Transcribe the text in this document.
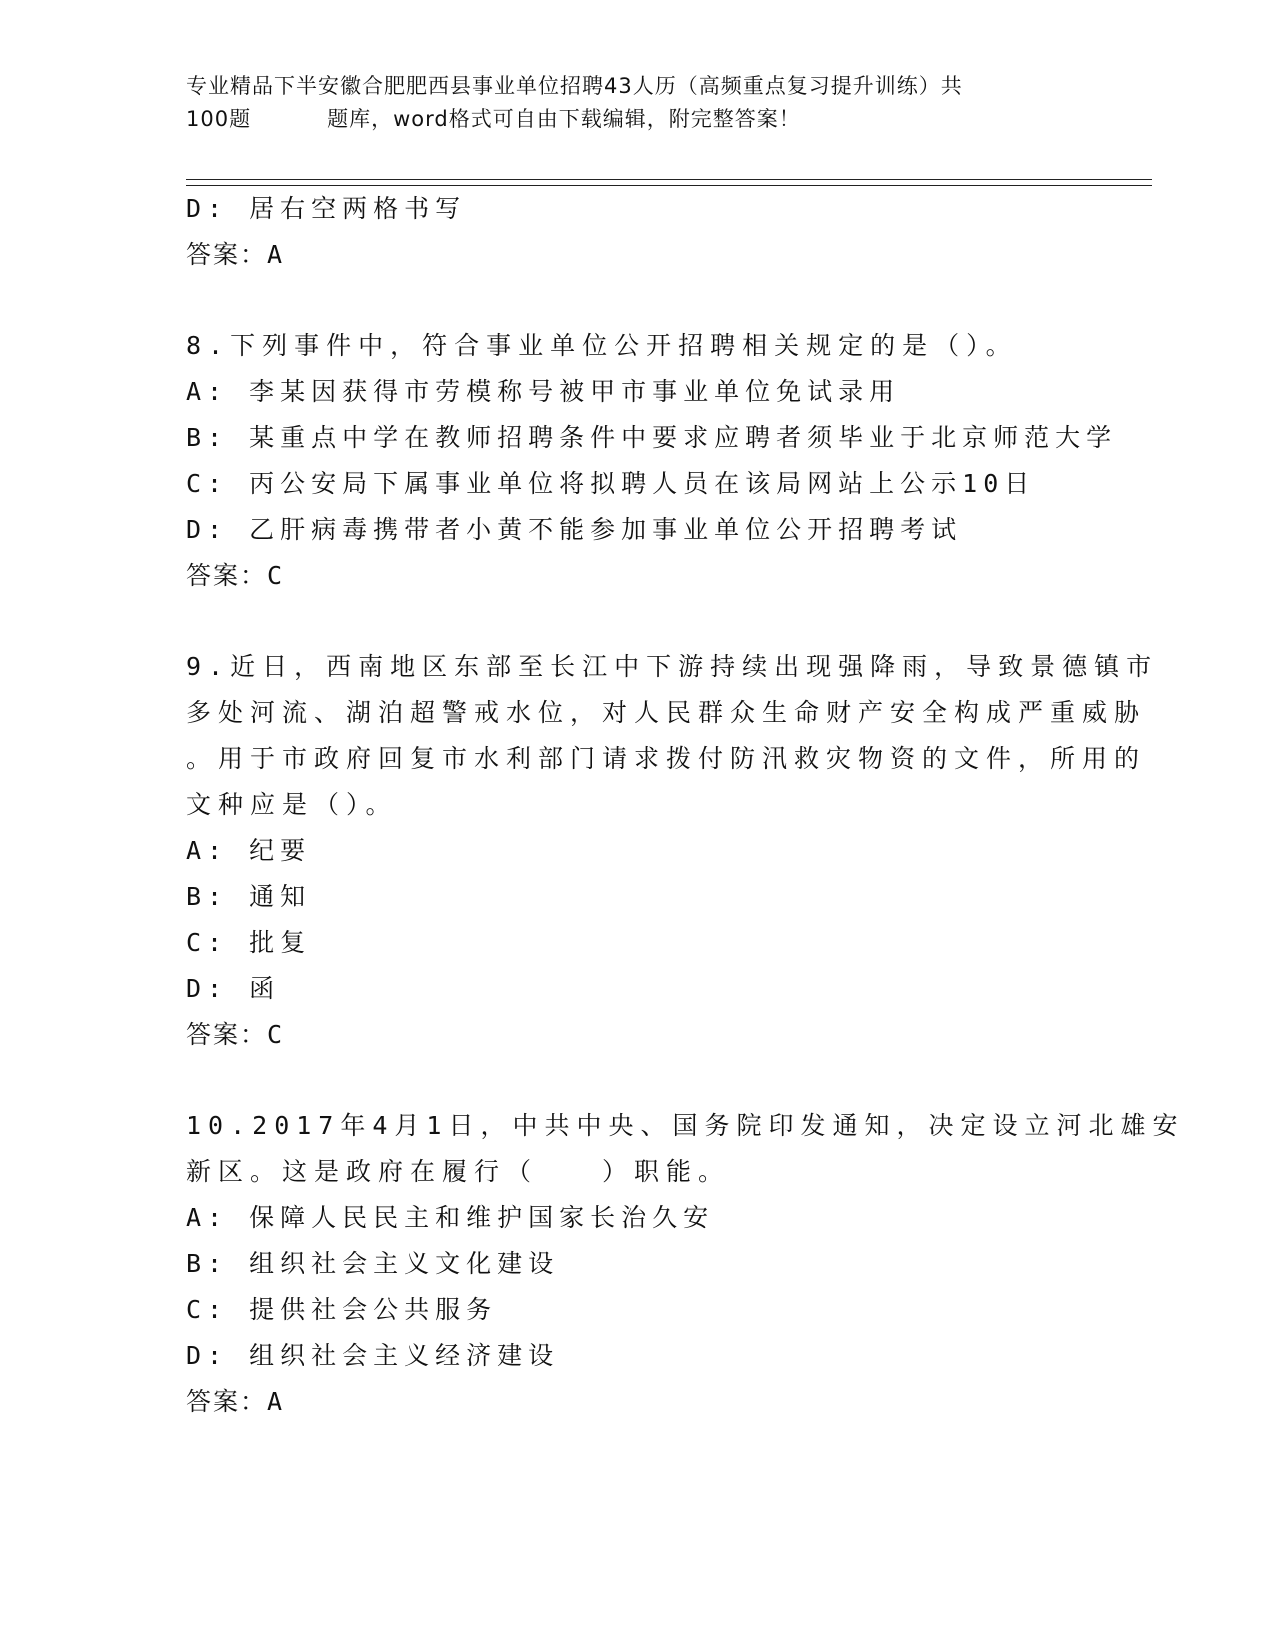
专业精品下半安徽合肥肥西县事业单位招聘43人历（高频重点复习提升训练）共
100题	题库，word格式可自由下载编辑，附完整答案！
D: 居右空两格书写
答案：A
8.下列事件中，符合事业单位公开招聘相关规定的是（）。
A: 李某因获得市劳模称号被甲市事业单位免试录用
B: 某重点中学在教师招聘条件中要求应聘者须毕业于北京师范大学
C: 丙公安局下属事业单位将拟聘人员在该局网站上公示10日
D: 乙肝病毒携带者小黄不能参加事业单位公开招聘考试
答案：C
9.近日，西南地区东部至长江中下游持续出现强降雨，导致景德镇市
多处河流、湖泊超警戒水位，对人民群众生命财产安全构成严重威胁
。用于市政府回复市水利部门请求拨付防汛救灾物资的文件，所用的
文种应是（）。
A: 纪要
B: 通知
C: 批复
D: 函
答案：C
10.2017年4月1日，中共中央、国务院印发通知，决定设立河北雄安
新区。这是政府在履行（　　）职能。
A: 保障人民民主和维护国家长治久安
B: 组织社会主义文化建设
C: 提供社会公共服务
D: 组织社会主义经济建设
答案：A
